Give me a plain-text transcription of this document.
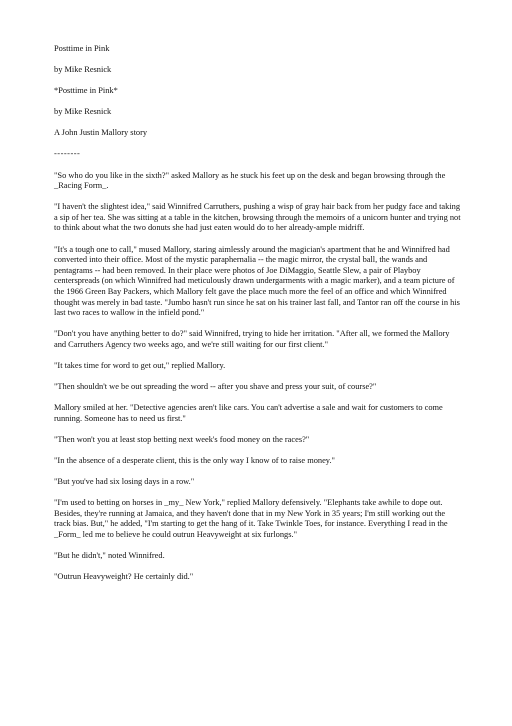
Posttime in Pink

by Mike Resnick

*Posttime in Pink*

by Mike Resnick

A John Justin Mallory story

--------

"So who do you like in the sixth?" asked Mallory as he stuck his feet up on the desk and began browsing through the _Racing Form_.

"I haven't the slightest idea," said Winnifred Carruthers, pushing a wisp of gray hair back from her pudgy face and taking a sip of her tea. She was sitting at a table in the kitchen, browsing through the memoirs of a unicorn hunter and trying not to think about what the two donuts she had just eaten would do to her already-ample midriff.

"It's a tough one to call," mused Mallory, staring aimlessly around the magician's apartment that he and Winnifred had converted into their office. Most of the mystic paraphernalia -- the magic mirror, the crystal ball, the wands and pentagrams -- had been removed. In their place were photos of Joe DiMaggio, Seattle Slew, a pair of Playboy centerspreads (on which Winnifred had meticulously drawn undergarments with a magic marker), and a team picture of the 1966 Green Bay Packers, which Mallory felt gave the place much more the feel of an office and which Winnifred thought was merely in bad taste. "Jumbo hasn't run since he sat on his trainer last fall, and Tantor ran off the course in his last two races to wallow in the infield pond."

"Don't you have anything better to do?" said Winnifred, trying to hide her irritation. "After all, we formed the Mallory and Carruthers Agency two weeks ago, and we're still waiting for our first client."

"It takes time for word to get out," replied Mallory.

"Then shouldn't we be out spreading the word -- after you shave and press your suit, of course?"

Mallory smiled at her. "Detective agencies aren't like cars. You can't advertise a sale and wait for customers to come running. Someone has to need us first."

"Then won't you at least stop betting next week's food money on the races?"

"In the absence of a desperate client, this is the only way I know of to raise money."

"But you've had six losing days in a row."

"I'm used to betting on horses in _my_ New York," replied Mallory defensively. "Elephants take awhile to dope out. Besides, they're running at Jamaica, and they haven't done that in my New York in 35 years; I'm still working out the track bias. But," he added, "I'm starting to get the hang of it. Take Twinkle Toes, for instance. Everything I read in the _Form_ led me to believe he could outrun Heavyweight at six furlongs."

"But he didn't," noted Winnifred.

"Outrun Heavyweight? He certainly did."
